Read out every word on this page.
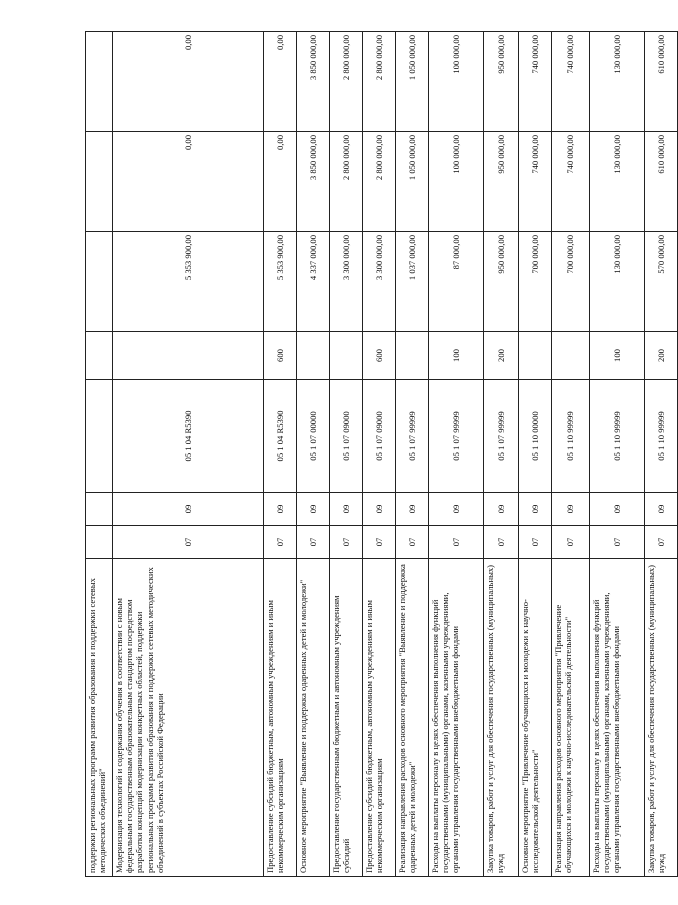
поддержки региональных программ развития образования и поддержки сетевых методических объединений"							
Модернизация технологий и содержания обучения в соответствии с новым федеральным государственным образовательным стандартом посредством разработки концепций модернизации конкретных областей, поддержки региональных программ развития образования и поддержки сетевых методических объединений в субъектах Российской Федерации	07	09	05 1 04 R5390		5 353 900,00	0,00	0,00
Предоставление субсидий бюджетным, автономным учреждениям и иным некоммерческим организациям	07	09	05 1 04 R5390	600	5 353 900,00	0,00	0,00
Основное мероприятие "Выявление и поддержка одаренных детей и молодежи"	07	09	05 1 07 00000		4 337 000,00	3 850 000,00	3 850 000,00
Предоставление государственным бюджетным и автономным учреждениям субсидий	07	09	05 1 07 09000		3 300 000,00	2 800 000,00	2 800 000,00
Предоставление субсидий бюджетным, автономным учреждениям и иным некоммерческим организациям	07	09	05 1 07 09000	600	3 300 000,00	2 800 000,00	2 800 000,00
Реализация направления расходов основного мероприятия "Выявление и поддержка одаренных детей и молодежи"	07	09	05 1 07 99999		1 037 000,00	1 050 000,00	1 050 000,00
Расходы на выплаты персоналу в целях обеспечения выполнения функций государственными (муниципальными) органами, казенными учреждениями, органами управления государственными внебюджетными фондами	07	09	05 1 07 99999	100	87 000,00	100 000,00	100 000,00
Закупка товаров, работ и услуг для обеспечения государственных (муниципальных) нужд	07	09	05 1 07 99999	200	950 000,00	950 000,00	950 000,00
Основное мероприятие "Привлечение обучающихся и молодежи к научно-исследовательской деятельности"	07	09	05 1 10 00000		700 000,00	740 000,00	740 000,00
Реализация направления расходов основного мероприятия "Привлечение обучающихся и молодежи к научно-исследовательской деятельности"	07	09	05 1 10 99999		700 000,00	740 000,00	740 000,00
Расходы на выплаты персоналу в целях обеспечения выполнения функций государственными (муниципальными) органами, казенными учреждениями, органами управления государственными внебюджетными фондами	07	09	05 1 10 99999	100	130 000,00	130 000,00	130 000,00
Закупка товаров, работ и услуг для обеспечения государственных (муниципальных) нужд	07	09	05 1 10 99999	200	570 000,00	610 000,00	610 000,00
